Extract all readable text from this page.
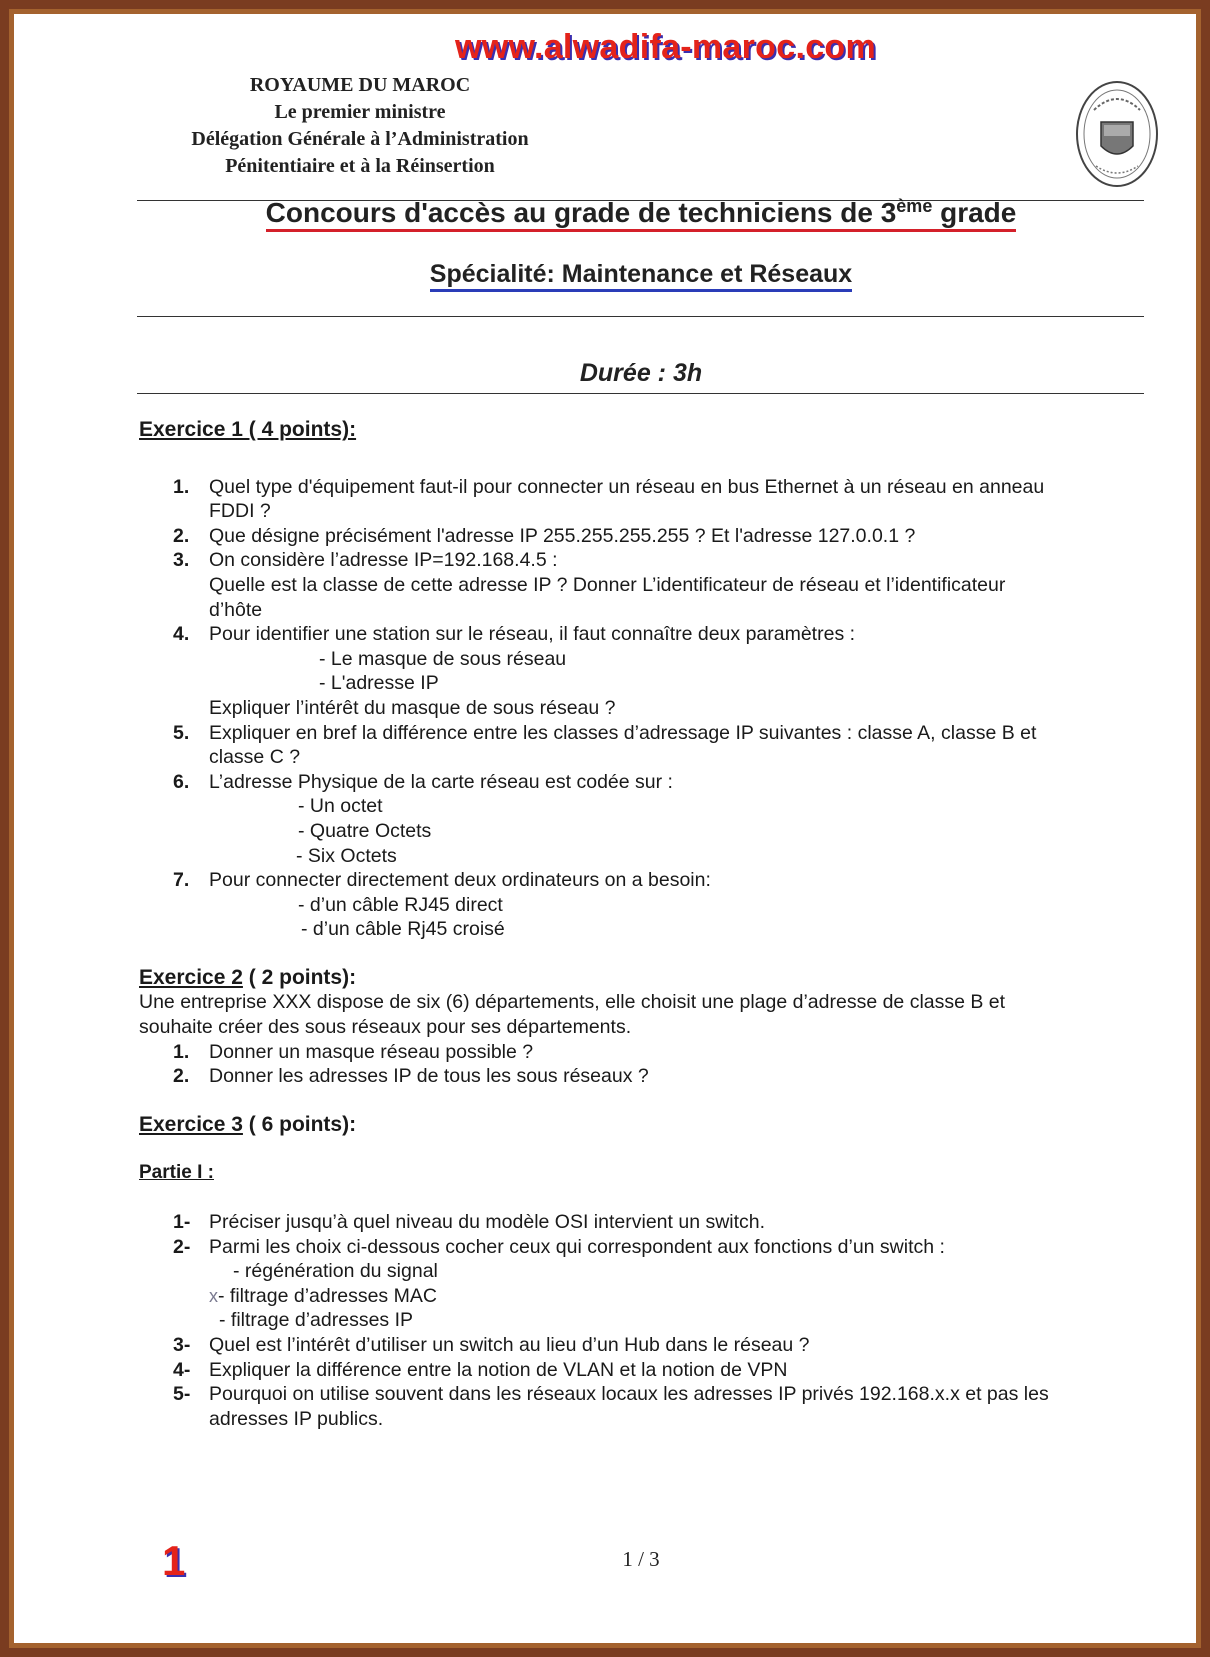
www.alwadifa-maroc.com
ROYAUME DU MAROC
Le premier ministre
Délégation Générale à l’Administration
Pénitentiaire et à la Réinsertion
Concours d'accès au grade de techniciens de 3ème grade
Spécialité: Maintenance et Réseaux
Durée : 3h

Exercice 1 ( 4 points):

1. Quel type d'équipement faut-il pour connecter un réseau en bus Ethernet à un réseau en anneau
FDDI ?
2. Que désigne précisément l'adresse IP 255.255.255.255 ? Et l'adresse 127.0.0.1 ?
3. On considère l’adresse IP=192.168.4.5 :
Quelle est la classe de cette adresse IP ? Donner L’identificateur de réseau et l’identificateur
d’hôte
4. Pour identifier une station sur le réseau, il faut connaître deux paramètres :
- Le masque de sous réseau
- L'adresse IP
Expliquer l’intérêt du masque de sous réseau ?
5. Expliquer en bref la différence entre les classes d’adressage IP suivantes : classe A, classe B et
classe C ?
6. L’adresse Physique de la carte réseau est codée sur :
- Un octet
- Quatre Octets
- Six Octets
7. Pour connecter directement deux ordinateurs on a besoin:
- d’un câble RJ45 direct
- d’un câble Rj45 croisé

Exercice 2 ( 2 points):

Une entreprise XXX dispose de six (6) départements, elle choisit une plage d’adresse de classe B et
souhaite créer des sous réseaux pour ses départements.
1. Donner un masque réseau possible ?
2. Donner les adresses IP de tous les sous réseaux ?

Exercice 3 ( 6 points):

Partie I :
1- Préciser jusqu’à quel niveau du modèle OSI intervient un switch.
2- Parmi les choix ci-dessous cocher ceux qui correspondent aux fonctions d’un switch :
- régénération du signal
x- filtrage d’adresses MAC
- filtrage d’adresses IP
3- Quel est l’intérêt d’utiliser un switch au lieu d’un Hub dans le réseau ?
4- Expliquer la différence entre la notion de VLAN et la notion de VPN
5- Pourquoi on utilise souvent dans les réseaux locaux les adresses IP privés 192.168.x.x et pas les
adresses IP publics.
1	1 / 3
